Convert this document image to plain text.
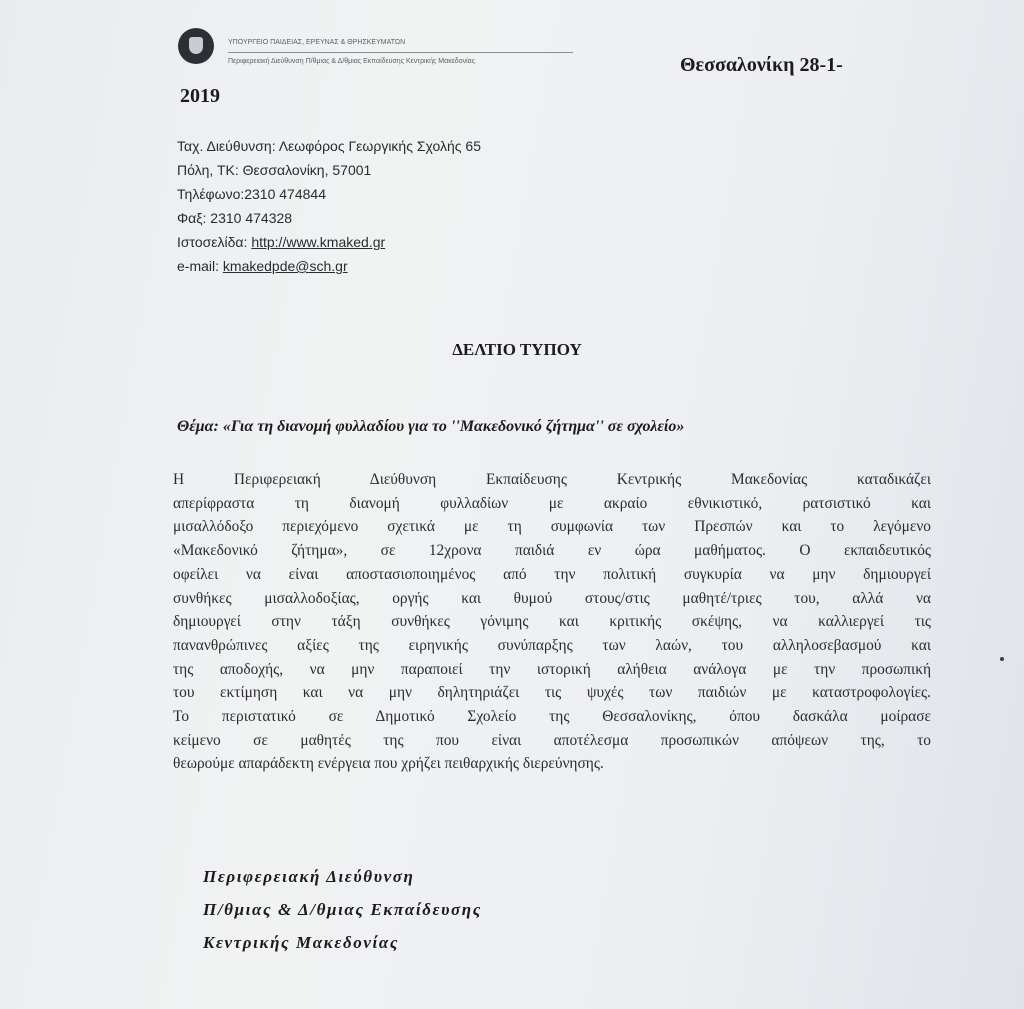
ΥΠΟΥΡΓΕΙΟ ΠΑΙΔΕΙΑΣ, ΕΡΕΥΝΑΣ & ΘΡΗΣΚΕΥΜΑΤΩΝ
Περιφερειακή Διεύθυνση Π/θμιας & Δ/θμιας Εκπαίδευσης Κεντρικής Μακεδονίας	Θεσσαλονίκη 28-1-
2019
Ταχ. Διεύθυνση: Λεωφόρος Γεωργικής Σχολής 65
Πόλη, ΤΚ: Θεσσαλονίκη, 57001
Τηλέφωνο:2310 474844
Φαξ: 2310 474328
Ιστοσελίδα: http://www.kmaked.gr
e-mail: kmakedpde@sch.gr
ΔΕΛΤΙΟ ΤΥΠΟΥ
Θέμα: «Για τη διανομή φυλλαδίου για το ''Μακεδονικό ζήτημα'' σε σχολείο»
Η Περιφερειακή Διεύθυνση Εκπαίδευσης Κεντρικής Μακεδονίας καταδικάζει
απερίφραστα τη διανομή φυλλαδίων με ακραίο εθνικιστικό, ρατσιστικό και
μισαλλόδοξο περιεχόμενο σχετικά με τη συμφωνία των Πρεσπών και το λεγόμενο
«Μακεδονικό ζήτημα», σε 12χρονα παιδιά εν ώρα μαθήματος. Ο εκπαιδευτικός
οφείλει να είναι αποστασιοποιημένος από την πολιτική συγκυρία να μην δημιουργεί
συνθήκες μισαλλοδοξίας, οργής και θυμού στους/στις μαθητέ/τριες του, αλλά να
δημιουργεί στην τάξη συνθήκες γόνιμης και κριτικής σκέψης, να καλλιεργεί τις
πανανθρώπινες αξίες της ειρηνικής συνύπαρξης των λαών, του αλληλοσεβασμού και
της αποδοχής, να μην παραποιεί την ιστορική αλήθεια ανάλογα με την προσωπική
του εκτίμηση και να μην δηλητηριάζει τις ψυχές των παιδιών με καταστροφολογίες.
Το περιστατικό σε Δημοτικό Σχολείο της Θεσσαλονίκης, όπου δασκάλα μοίρασε
κείμενο σε μαθητές της που είναι αποτέλεσμα προσωπικών απόψεων της, το
θεωρούμε απαράδεκτη ενέργεια που χρήζει πειθαρχικής διερεύνησης.
Περιφερειακή Διεύθυνση
Π/θμιας & Δ/θμιας Εκπαίδευσης
Κεντρικής Μακεδονίας
